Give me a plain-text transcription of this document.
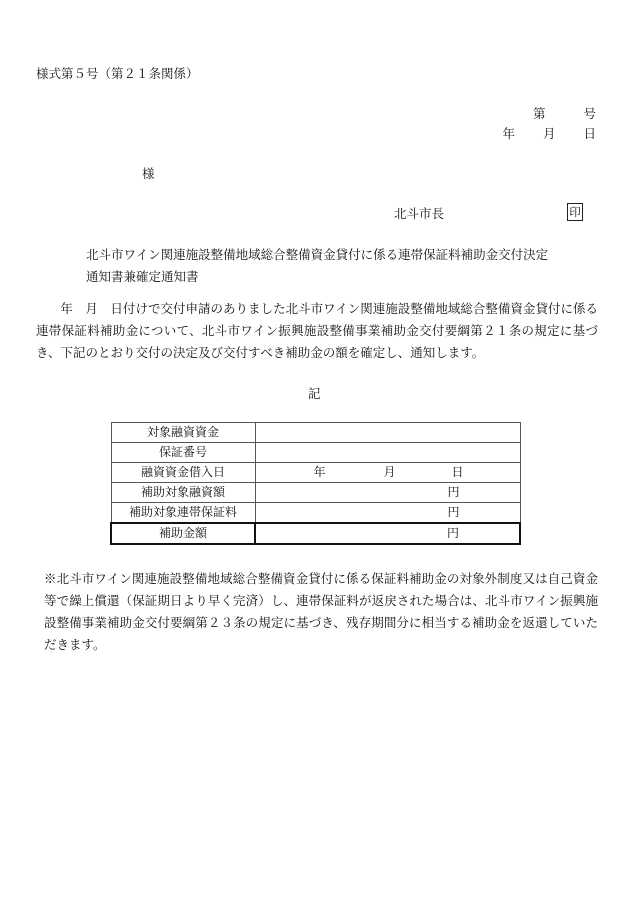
様式第５号（第２１条関係）
第	号
年 月 日
様
北斗市長	印
北斗市ワイン関連施設整備地域総合整備資金貸付に係る連帯保証料補助金交付決定
通知書兼確定通知書
年　月　日付けで交付申請のありました北斗市ワイン関連施設整備地域総合整備資金貸付に係る連帯保証料補助金について、北斗市ワイン振興施設整備事業補助金交付要綱第２１条の規定に基づき、下記のとおり交付の決定及び交付すべき補助金の額を確定し、通知します。
記
対象融資資金	
保証番号	
融資資金借入日	年 月 日

補助対象融資額	円

補助対象連帯保証料	円

補助金額	円
※北斗市ワイン関連施設整備地域総合整備資金貸付に係る保証料補助金の対象外制度又は自己資金等で繰上償還（保証期日より早く完済）し、連帯保証料が返戻された場合は、北斗市ワイン振興施設整備事業補助金交付要綱第２３条の規定に基づき、残存期間分に相当する補助金を返還していただきます。
